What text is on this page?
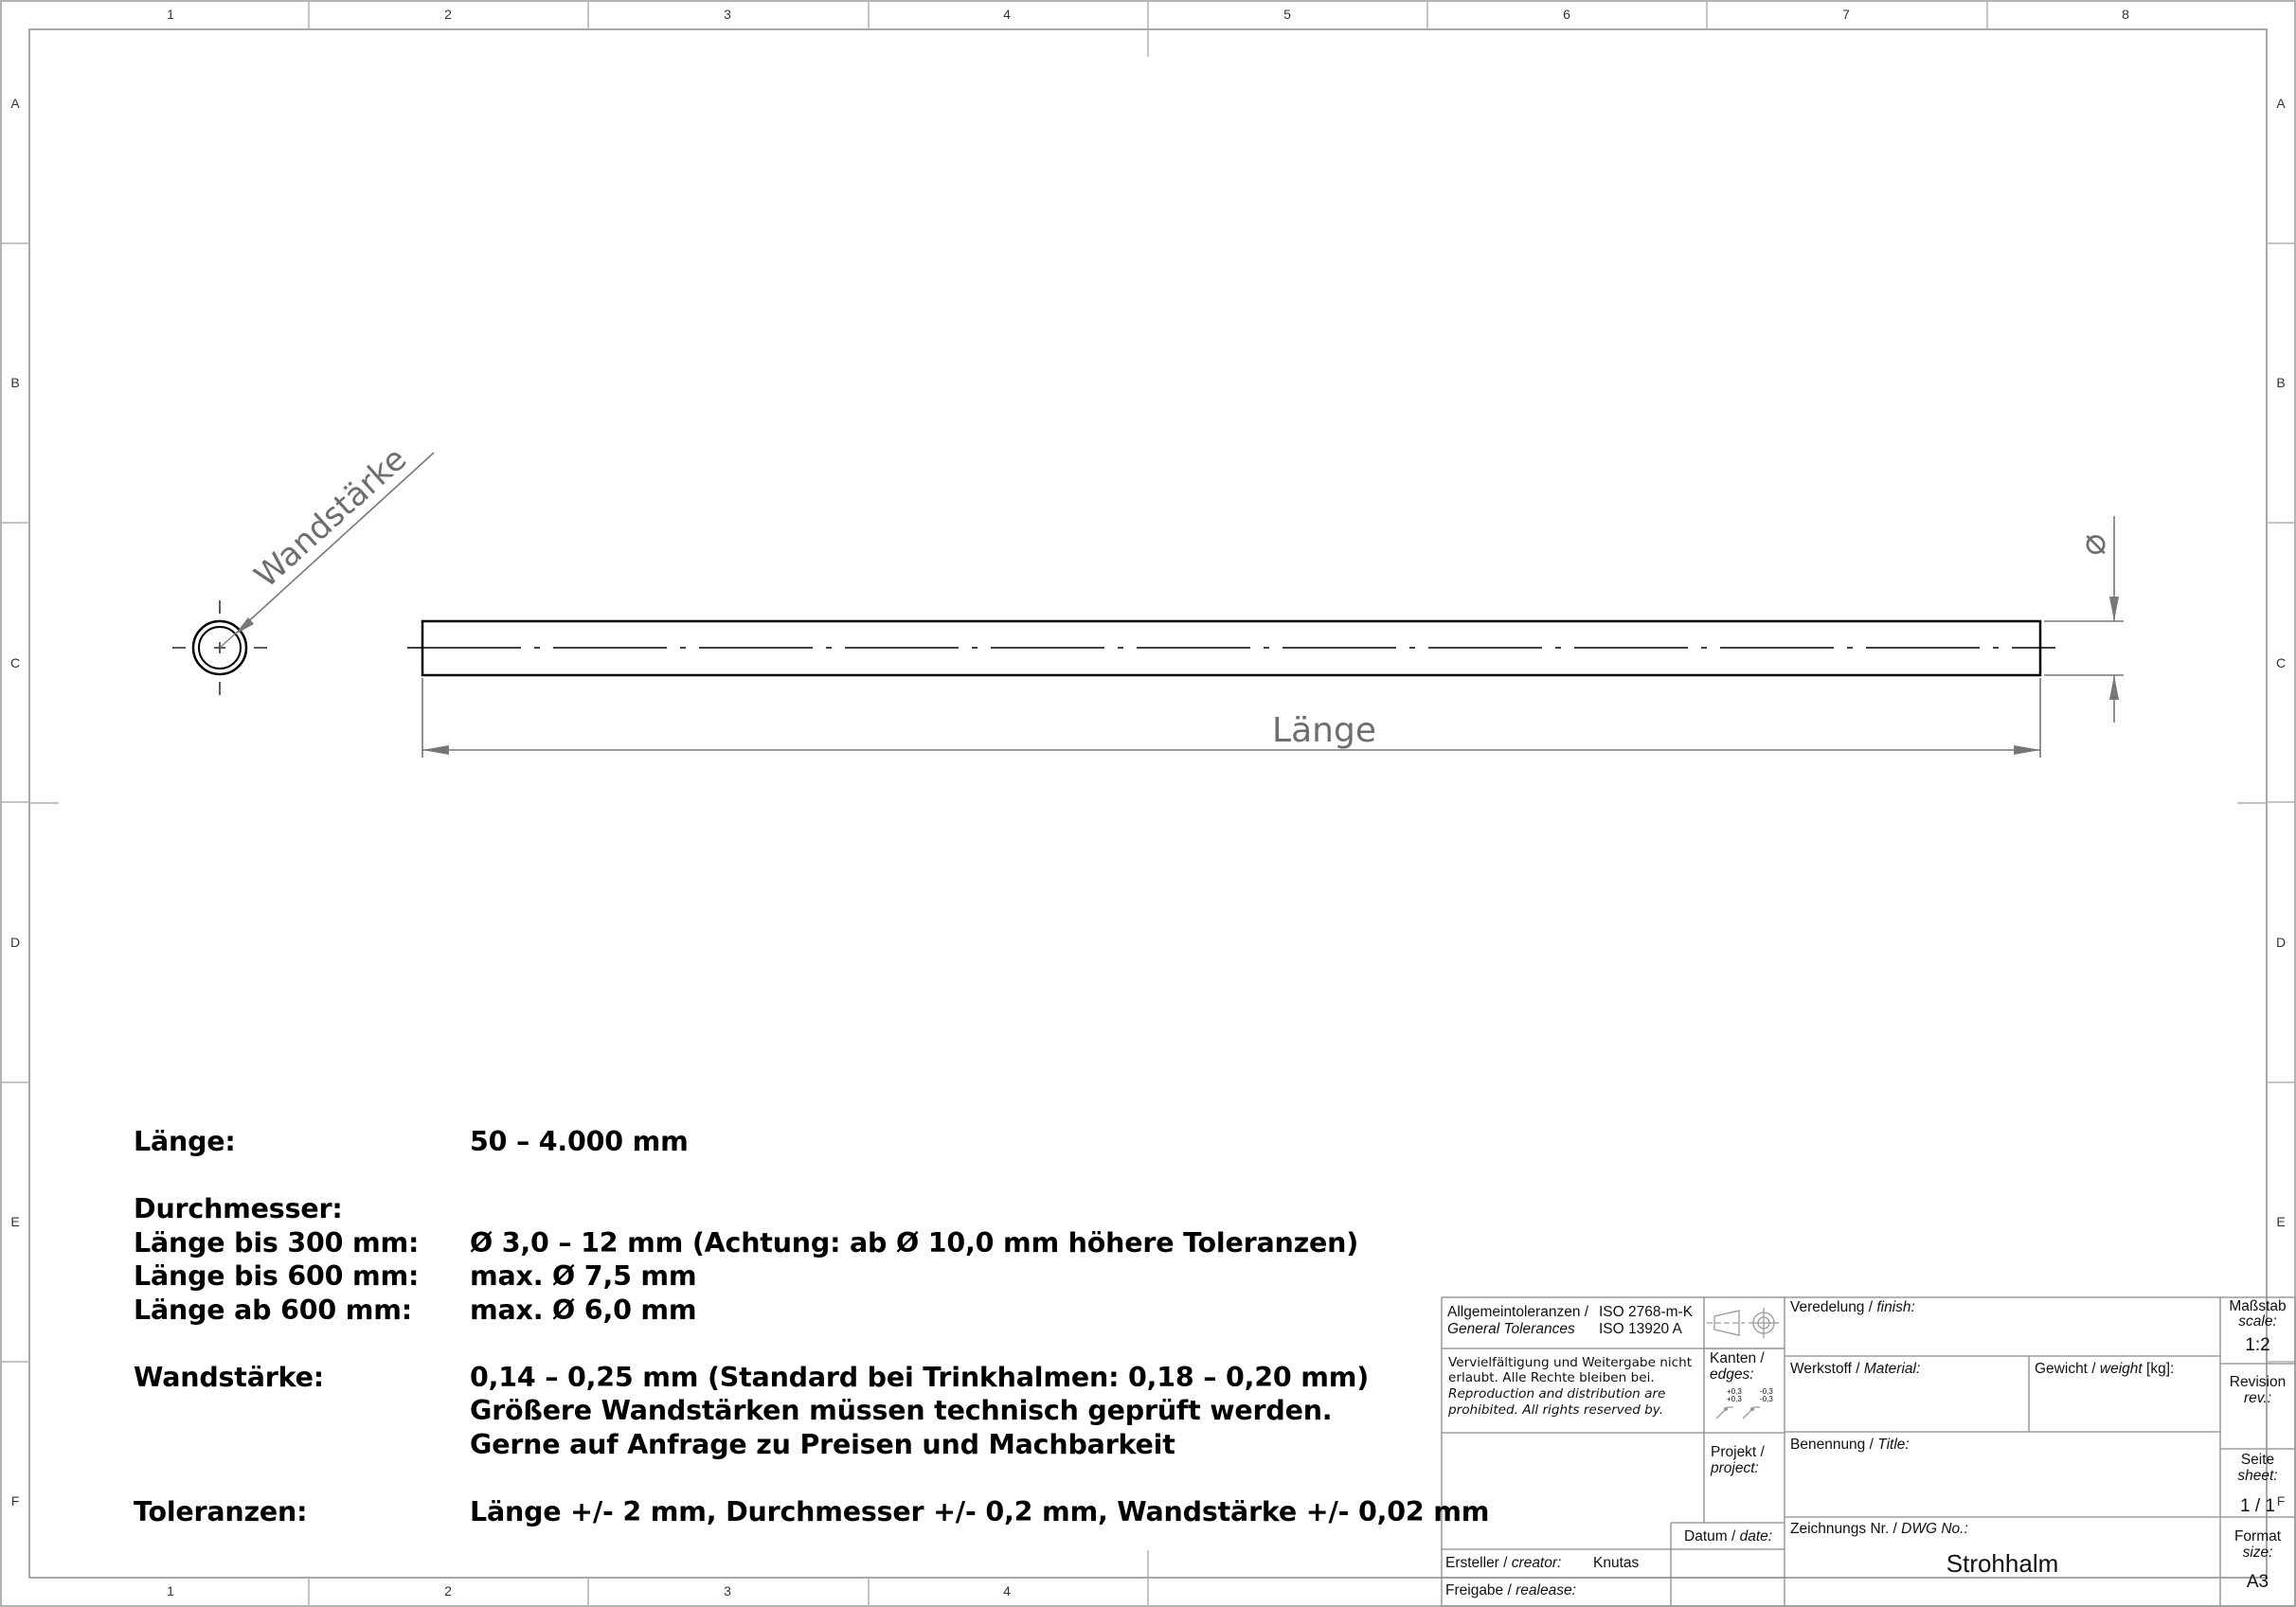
1	2	3	4	5	6	7	8
1	2	3	4
A
B
C
D
E
F
A
B
C
D
E
F
Wandstärke
Länge
⌀
Länge:	50 – 4.000 mm
Durchmesser:
Länge bis 300 mm:	Ø 3,0 – 12 mm (Achtung: ab Ø 10,0 mm höhere Toleranzen)
Länge bis 600 mm:	max. Ø 7,5 mm
Länge ab 600 mm:	max. Ø 6,0 mm
Wandstärke:	0,14 – 0,25 mm (Standard bei Trinkhalmen: 0,18 – 0,20 mm)
Größere Wandstärken müssen technisch geprüft werden.
Gerne auf Anfrage zu Preisen und Machbarkeit
Toleranzen:	Länge +/- 2 mm, Durchmesser +/- 0,2 mm, Wandstärke +/- 0,02 mm
Allgemeintoleranzen / ISO 2768-m-K
General Tolerances ISO 13920 A
Vervielfältigung und Weitergabe nicht
erlaubt. Alle Rechte bleiben bei.
Reproduction and distribution are
prohibited. All rights reserved by.
Kanten /
edges:
+0,3
+0,3
-0,3
-0,3
Projekt /
project:
Datum / date:
Ersteller / creator: Knutas
Freigabe / realease:
Veredelung / finish:
Werkstoff / Material:	Gewicht / weight [kg]:
Benennung / Title:
Zeichnungs Nr. / DWG No.:
Strohhalm
Maßstab
scale:
1:2
Revision
rev.:
Seite
sheet:
1 / 1
Format
size:
A3
